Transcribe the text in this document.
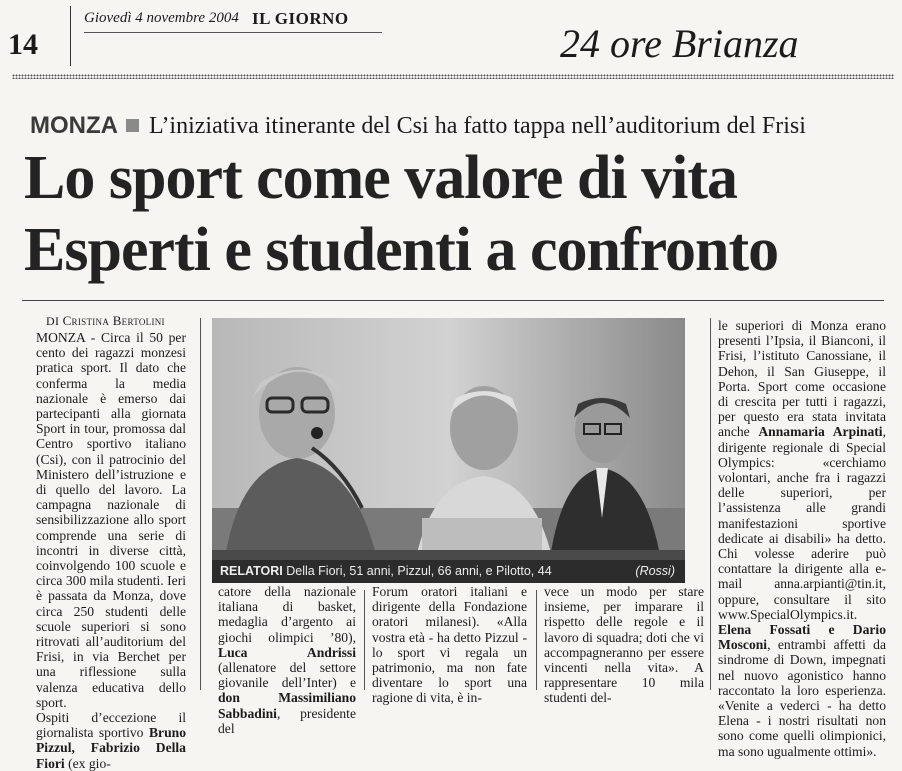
14
Giovedì 4 novembre 2004 IL GIORNO
24 ore Brianza
MONZA L’iniziativa itinerante del Csi ha fatto tappa nell’auditorium del Frisi
Lo sport come valore di vita
Esperti e studenti a confronto
DI Cristina Bertolini

MONZA - Circa il 50 per cento dei ragazzi monzesi pratica sport. Il dato che conferma la media nazionale è emerso dai partecipanti alla giornata Sport in tour, promossa dal Centro sportivo italiano (Csi), con il patrocinio del Ministero dell’istruzione e di quello del lavoro. La campagna nazionale di sensibilizzazione allo sport comprende una serie di incontri in diverse città, coinvolgendo 100 scuole e circa 300 mila studenti. Ieri è passata da Monza, dove circa 250 studenti delle scuole superiori si sono ritrovati all’auditorium del Frisi, in via Berchet per una riflessione sulla valenza educativa dello sport.

Ospiti d’eccezione il giornalista sportivo Bruno Pizzul, Fabrizio Della Fiori (ex gio-

RELATORI Della Fiori, 51 anni, Pizzul, 66 anni, e Pilotto, 44	(Rossi)

catore della nazionale italiana di basket, medaglia d’argento ai giochi olimpici ’80), Luca Andrissi (allenatore del settore giovanile dell’Inter) e don Massimiliano Sabbadini, presidente del

Forum oratori italiani e dirigente della Fondazione oratori milanesi). «Alla vostra età - ha detto Pizzul - lo sport vi regala un patrimonio, ma non fate diventare lo sport una ragione di vita, è in-

vece un modo per stare insieme, per imparare il rispetto delle regole e il lavoro di squadra; doti che vi accompagneranno per essere vincenti nella vita». A rappresentare 10 mila studenti del-

le superiori di Monza erano presenti l’Ipsia, il Bianconi, il Frisi, l’istituto Canossiane, il Dehon, il San Giuseppe, il Porta. Sport come occasione di crescita per tutti i ragazzi, per questo era stata invitata anche Annamaria Arpinati, dirigente regionale di Special Olympics: «cerchiamo volontari, anche fra i ragazzi delle superiori, per l’assistenza alle grandi manifestazioni sportive dedicate ai disabili» ha detto. Chi volesse aderire può contattare la dirigente alla e-mail anna.arpianti@tin.it, oppure, consultare il sito www.SpecialOlympics.it. Elena Fossati e Dario Mosconi, entrambi affetti da sindrome di Down, impegnati nel nuovo agonistico hanno raccontato la loro esperienza. «Venite a vederci - ha detto Elena - i nostri risultati non sono come quelli olimpionici, ma sono ugualmente ottimi».
